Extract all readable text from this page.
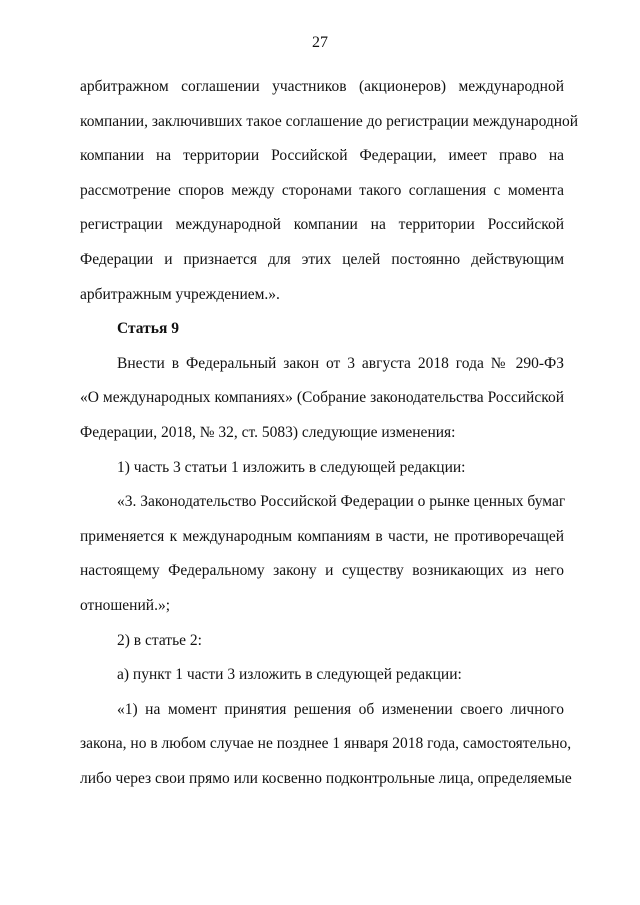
27
арбитражном соглашении участников (акционеров) международной
компании, заключивших такое соглашение до регистрации международной
компании на территории Российской Федерации, имеет право на
рассмотрение споров между сторонами такого соглашения с момента
регистрации международной компании на территории Российской
Федерации и признается для этих целей постоянно действующим
арбитражным учреждением.».
Статья 9
Внести в Федеральный закон от 3 августа 2018 года № 290-ФЗ
«О международных компаниях» (Собрание законодательства Российской
Федерации, 2018, № 32, ст. 5083) следующие изменения:
1) часть 3 статьи 1 изложить в следующей редакции:
«3. Законодательство Российской Федерации о рынке ценных бумаг
применяется к международным компаниям в части, не противоречащей
настоящему Федеральному закону и существу возникающих из него
отношений.»;
2) в статье 2:
а) пункт 1 части 3 изложить в следующей редакции:
«1) на момент принятия решения об изменении своего личного
закона, но в любом случае не позднее 1 января 2018 года, самостоятельно,
либо через свои прямо или косвенно подконтрольные лица, определяемые
